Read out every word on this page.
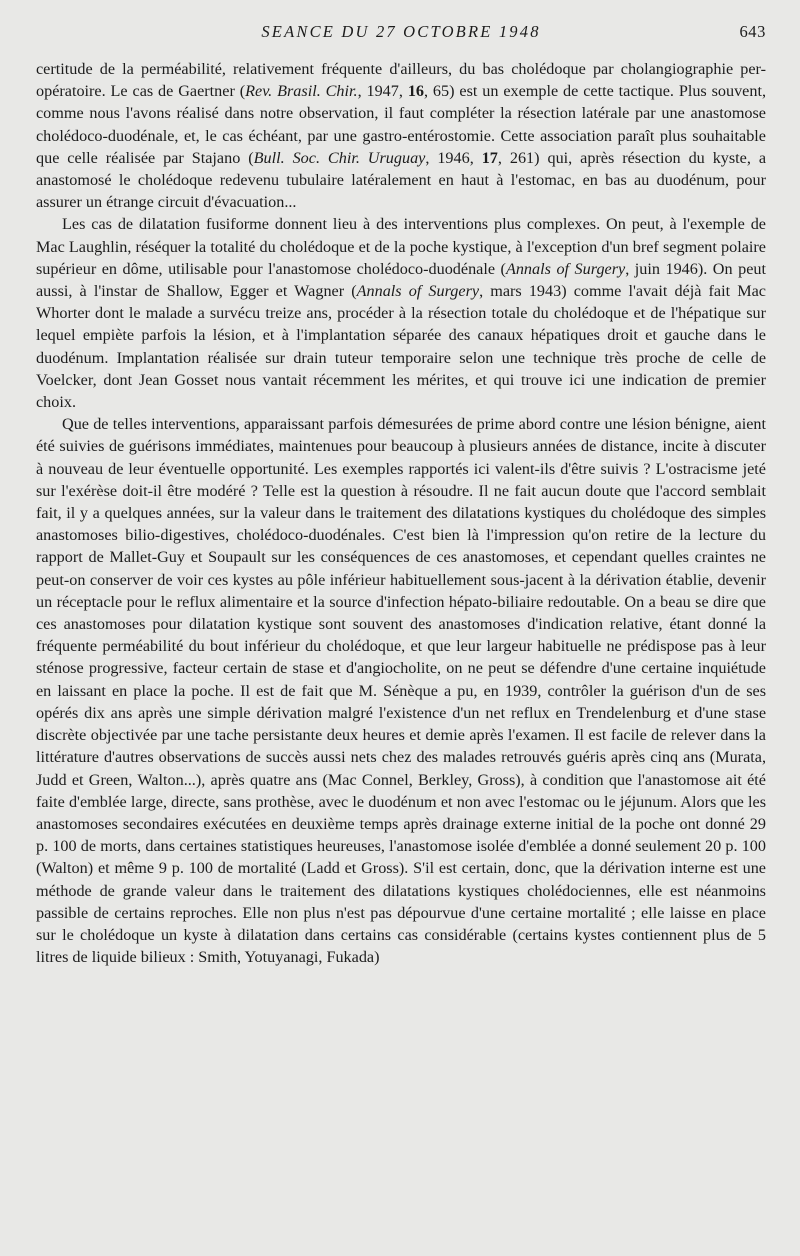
SEANCE DU 27 OCTOBRE 1948	643

certitude de la perméabilité, relativement fréquente d'ailleurs, du bas cholédoque par cholangiographie per-opératoire. Le cas de Gaertner (Rev. Brasil. Chir., 1947, 16, 65) est un exemple de cette tactique. Plus souvent, comme nous l'avons réalisé dans notre observation, il faut compléter la résection latérale par une anastomose cholédoco-duodénale, et, le cas échéant, par une gastro-entérostomie. Cette association paraît plus souhaitable que celle réalisée par Stajano (Bull. Soc. Chir. Uruguay, 1946, 17, 261) qui, après résection du kyste, a anastomosé le cholédoque redevenu tubulaire latéralement en haut à l'estomac, en bas au duodénum, pour assurer un étrange circuit d'évacuation...

Les cas de dilatation fusiforme donnent lieu à des interventions plus complexes. On peut, à l'exemple de Mac Laughlin, réséquer la totalité du cholédoque et de la poche kystique, à l'exception d'un bref segment polaire supérieur en dôme, utilisable pour l'anastomose cholédoco-duodénale (Annals of Surgery, juin 1946). On peut aussi, à l'instar de Shallow, Egger et Wagner (Annals of Surgery, mars 1943) comme l'avait déjà fait Mac Whorter dont le malade a survécu treize ans, procéder à la résection totale du cholédoque et de l'hépatique sur lequel empiète parfois la lésion, et à l'implantation séparée des canaux hépatiques droit et gauche dans le duodénum. Implantation réalisée sur drain tuteur temporaire selon une technique très proche de celle de Voelcker, dont Jean Gosset nous vantait récemment les mérites, et qui trouve ici une indication de premier choix.

Que de telles interventions, apparaissant parfois démesurées de prime abord contre une lésion bénigne, aient été suivies de guérisons immédiates, maintenues pour beaucoup à plusieurs années de distance, incite à discuter à nouveau de leur éventuelle opportunité. Les exemples rapportés ici valent-ils d'être suivis ? L'ostracisme jeté sur l'exérèse doit-il être modéré ? Telle est la question à résoudre. Il ne fait aucun doute que l'accord semblait fait, il y a quelques années, sur la valeur dans le traitement des dilatations kystiques du cholédoque des simples anastomoses bilio-digestives, cholédoco-duodénales. C'est bien là l'impression qu'on retire de la lecture du rapport de Mallet-Guy et Soupault sur les conséquences de ces anastomoses, et cependant quelles craintes ne peut-on conserver de voir ces kystes au pôle inférieur habituellement sous-jacent à la dérivation établie, devenir un réceptacle pour le reflux alimentaire et la source d'infection hépato-biliaire redoutable. On a beau se dire que ces anastomoses pour dilatation kystique sont souvent des anastomoses d'indication relative, étant donné la fréquente perméabilité du bout inférieur du cholédoque, et que leur largeur habituelle ne prédispose pas à leur sténose progressive, facteur certain de stase et d'angiocholite, on ne peut se défendre d'une certaine inquiétude en laissant en place la poche. Il est de fait que M. Sénèque a pu, en 1939, contrôler la guérison d'un de ses opérés dix ans après une simple dérivation malgré l'existence d'un net reflux en Trendelenburg et d'une stase discrète objectivée par une tache persistante deux heures et demie après l'examen. Il est facile de relever dans la littérature d'autres observations de succès aussi nets chez des malades retrouvés guéris après cinq ans (Murata, Judd et Green, Walton...), après quatre ans (Mac Connel, Berkley, Gross), à condition que l'anastomose ait été faite d'emblée large, directe, sans prothèse, avec le duodénum et non avec l'estomac ou le jéjunum. Alors que les anastomoses secondaires exécutées en deuxième temps après drainage externe initial de la poche ont donné 29 p. 100 de morts, dans certaines statistiques heureuses, l'anastomose isolée d'emblée a donné seulement 20 p. 100 (Walton) et même 9 p. 100 de mortalité (Ladd et Gross). S'il est certain, donc, que la dérivation interne est une méthode de grande valeur dans le traitement des dilatations kystiques cholédociennes, elle est néanmoins passible de certains reproches. Elle non plus n'est pas dépourvue d'une certaine mortalité ; elle laisse en place sur le cholédoque un kyste à dilatation dans certains cas considérable (certains kystes contiennent plus de 5 litres de liquide bilieux : Smith, Yotuyanagi, Fukada)
